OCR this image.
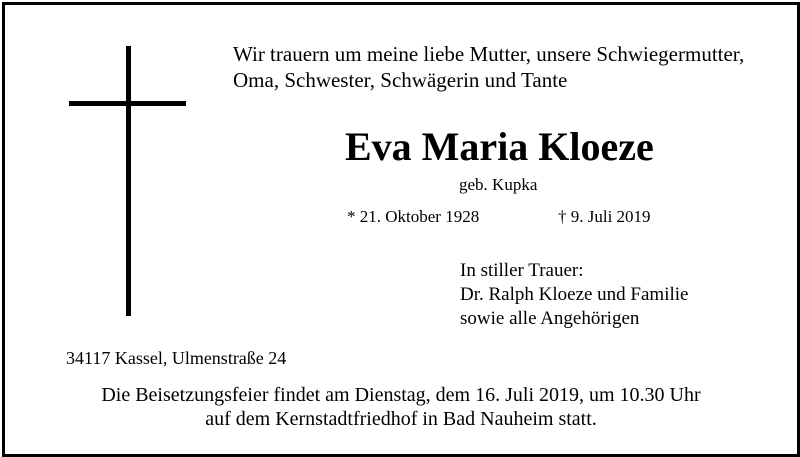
Wir trauern um meine liebe Mutter, unsere Schwiegermutter,
Oma, Schwester, Schwägerin und Tante
Eva Maria Kloeze
geb. Kupka
* 21. Oktober 1928	† 9. Juli 2019
In stiller Trauer:
Dr. Ralph Kloeze und Familie
sowie alle Angehörigen
34117 Kassel, Ulmenstraße 24
Die Beisetzungsfeier findet am Dienstag, dem 16. Juli 2019, um 10.30 Uhr
auf dem Kernstadtfriedhof in Bad Nauheim statt.
